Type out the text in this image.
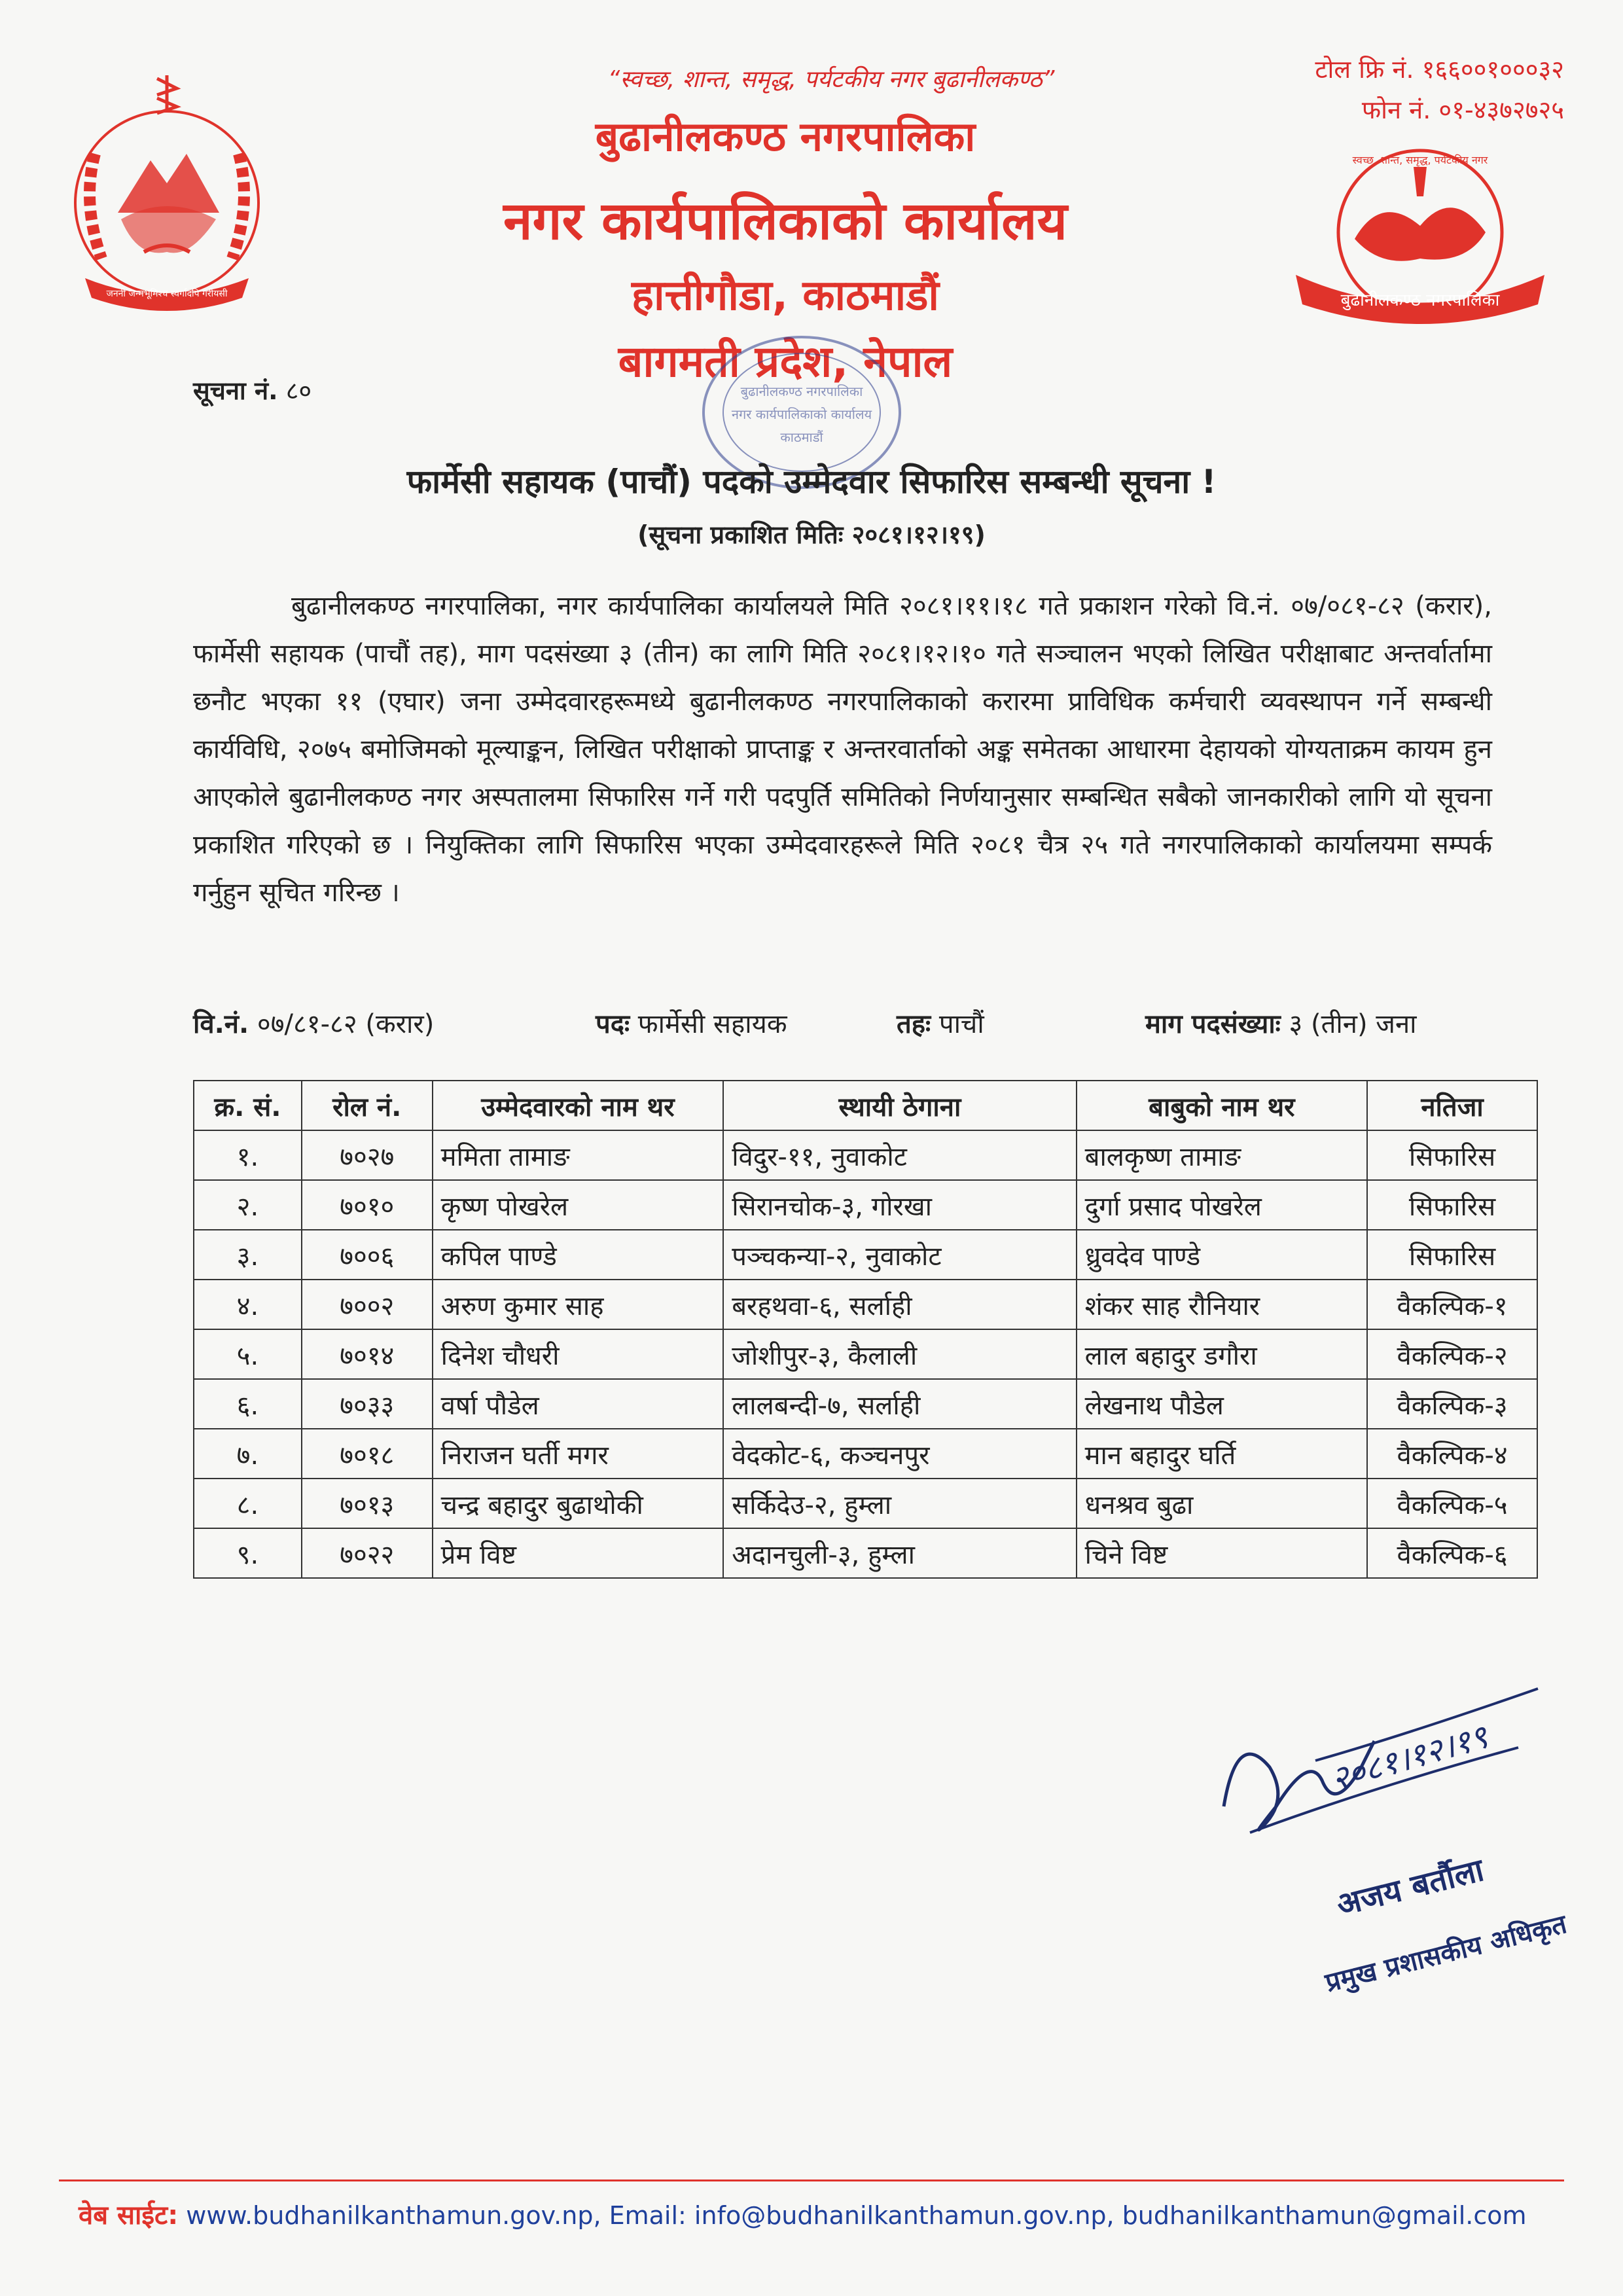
जननी जन्मभूमिश्च स्वर्गादपि गरीयसी
“स्वच्छ, शान्त, समृद्ध, पर्यटकीय नगर बुढानीलकण्ठ”	टोल फ्रि नं. १६६००१०००३२
फोन नं. ०१-४३७२७२५
बुढानीलकण्ठ नगरपालिका
नगर कार्यपालिकाको कार्यालय
हात्तीगौडा, काठमाडौं
बागमती प्रदेश, नेपाल
बुढानीलकण्ठ नगरपालिका
स्वच्छ, शान्त, समृद्ध, पर्यटकीय नगर
सूचना नं. ८०	बुढानीलकण्ठ नगरपालिका
नगर कार्यपालिकाको कार्यालय
काठमाडौं
फार्मेसी सहायक (पाचौं) पदको उम्मेदवार सिफारिस सम्बन्धी सूचना !
(सूचना प्रकाशित मितिः २०८१।१२।१९)
बुढानीलकण्ठ नगरपालिका, नगर कार्यपालिका कार्यालयले मिति २०८१।११।१८ गते प्रकाशन गरेको वि.नं. ०७/०८१-८२ (करार), फार्मेसी सहायक (पाचौं तह), माग पदसंख्या ३ (तीन) का लागि मिति २०८१।१२।१० गते सञ्चालन भएको लिखित परीक्षाबाट अन्तर्वार्तामा छनौट भएका ११ (एघार) जना उम्मेदवारहरूमध्ये बुढानीलकण्ठ नगरपालिकाको करारमा प्राविधिक कर्मचारी व्यवस्थापन गर्ने सम्बन्धी कार्यविधि, २०७५ बमोजिमको मूल्याङ्कन, लिखित परीक्षाको प्राप्ताङ्क र अन्तरवार्ताको अङ्क समेतका आधारमा देहायको योग्यताक्रम कायम हुन आएकोले बुढानीलकण्ठ नगर अस्पतालमा सिफारिस गर्ने गरी पदपुर्ति समितिको निर्णयानुसार सम्बन्धित सबैको जानकारीको लागि यो सूचना प्रकाशित गरिएको छ । नियुक्तिका लागि सिफारिस भएका उम्मेदवारहरूले मिति २०८१ चैत्र २५ गते नगरपालिकाको कार्यालयमा सम्पर्क गर्नुहुन सूचित गरिन्छ ।
वि.नं. ०७/८१-८२ (करार)	पदः फार्मेसी सहायक	तहः पाचौं	माग पदसंख्याः ३ (तीन) जना
क्र. सं.	रोल नं.	उम्मेदवारको नाम थर	स्थायी ठेगाना	बाबुको नाम थर	नतिजा
१.	७०२७	ममिता तामाङ	विदुर-११, नुवाकोट	बालकृष्ण तामाङ	सिफारिस
२.	७०१०	कृष्ण पोखरेल	सिरानचोक-३, गोरखा	दुर्गा प्रसाद पोखरेल	सिफारिस
३.	७००६	कपिल पाण्डे	पञ्चकन्या-२, नुवाकोट	ध्रुवदेव पाण्डे	सिफारिस
४.	७००२	अरुण कुमार साह	बरहथवा-६, सर्लाही	शंकर साह रौनियार	वैकल्पिक-१
५.	७०१४	दिनेश चौधरी	जोशीपुर-३, कैलाली	लाल बहादुर डगौरा	वैकल्पिक-२
६.	७०३३	वर्षा पौडेल	लालबन्दी-७, सर्लाही	लेखनाथ पौडेल	वैकल्पिक-३
७.	७०१८	निराजन घर्ती मगर	वेदकोट-६, कञ्चनपुर	मान बहादुर घर्ति	वैकल्पिक-४
८.	७०१३	चन्द्र बहादुर बुढाथोकी	सर्किदेउ-२, हुम्ला	धनश्रव बुढा	वैकल्पिक-५
९.	७०२२	प्रेम विष्ट	अदानचुली-३, हुम्ला	चिने विष्ट	वैकल्पिक-६
२०८१।१२।१९
अजय बर्तौला
प्रमुख प्रशासकीय अधिकृत
वेब साईट: www.budhanilkanthamun.gov.np, Email: info@budhanilkanthamun.gov.np, budhanilkanthamun@gmail.com
